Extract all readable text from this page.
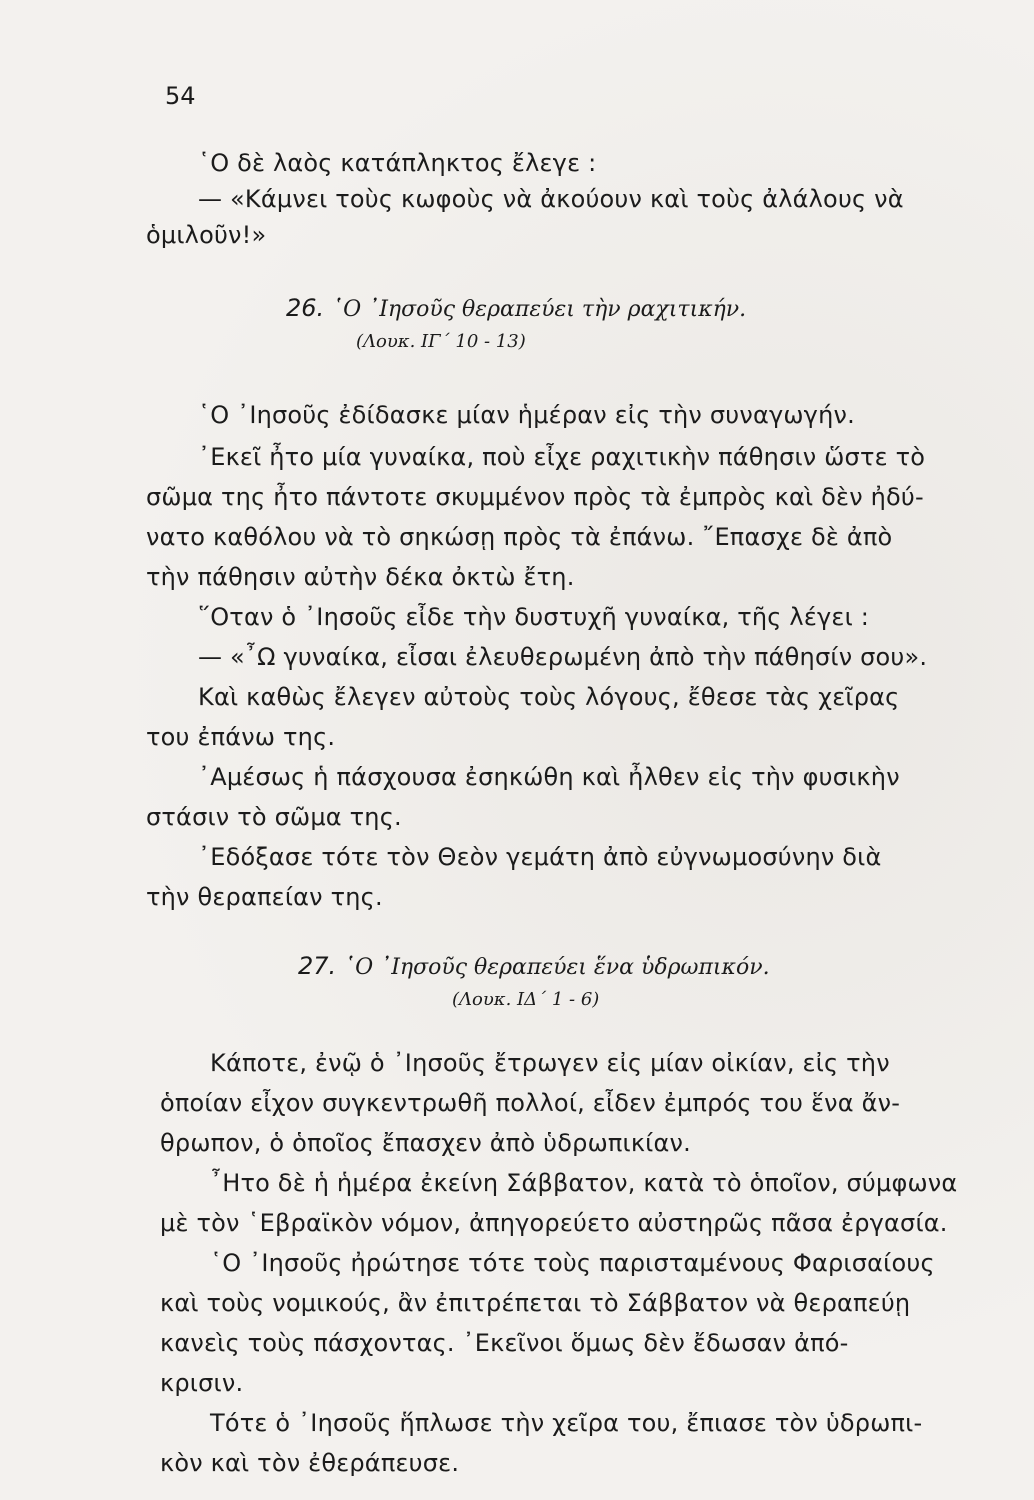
54
῾Ο δὲ λαὸς κατάπληκτος ἔλεγε :
— «Κάμνει τοὺς κωφοὺς νὰ ἀκούουν καὶ τοὺς ἀλάλους νὰ
ὁμιλοῦν!»
26. ῾Ο ᾿Ιησοῦς θεραπεύει τὴν ραχιτικήν.
(Λουκ. ΙΓ΄ 10 - 13)
῾Ο ᾿Ιησοῦς ἐδίδασκε μίαν ἡμέραν εἰς τὴν συναγωγήν.
᾿Εκεῖ ἦτο μία γυναίκα, ποὺ εἶχε ραχιτικὴν πάθησιν ὥστε τὸ
σῶμα της ἦτο πάντοτε σκυμμένον πρὸς τὰ ἐμπρὸς καὶ δὲν ἠδύ-
νατο καθόλου νὰ τὸ σηκώσῃ πρὸς τὰ ἐπάνω. ῎Επασχε δὲ ἀπὸ
τὴν πάθησιν αὐτὴν δέκα ὀκτὼ ἔτη.
῞Οταν ὁ ᾿Ιησοῦς εἶδε τὴν δυστυχῆ γυναίκα, τῆς λέγει :
— «῏Ω γυναίκα, εἶσαι ἐλευθερωμένη ἀπὸ τὴν πάθησίν σου».
Καὶ καθὼς ἔλεγεν αὐτοὺς τοὺς λόγους, ἔθεσε τὰς χεῖρας
του ἐπάνω της.
᾿Αμέσως ἡ πάσχουσα ἐσηκώθη καὶ ἦλθεν εἰς τὴν φυσικὴν
στάσιν τὸ σῶμα της.
᾿Εδόξασε τότε τὸν Θεὸν γεμάτη ἀπὸ εὐγνωμοσύνην διὰ
τὴν θεραπείαν της.
27. ῾Ο ᾿Ιησοῦς θεραπεύει ἕνα ὑδρωπικόν.
(Λουκ. ΙΔ΄ 1 - 6)
Κάποτε, ἐνῷ ὁ ᾿Ιησοῦς ἔτρωγεν εἰς μίαν οἰκίαν, εἰς τὴν
ὁποίαν εἶχον συγκεντρωθῆ πολλοί, εἶδεν ἐμπρός του ἕνα ἄν-
θρωπον, ὁ ὁποῖος ἔπασχεν ἀπὸ ὑδρωπικίαν.
῏Ητο δὲ ἡ ἡμέρα ἐκείνη Σάββατον, κατὰ τὸ ὁποῖον, σύμφωνα
μὲ τὸν ῾Εβραϊκὸν νόμον, ἀπηγορεύετο αὐστηρῶς πᾶσα ἐργασία.
῾Ο ᾿Ιησοῦς ἠρώτησε τότε τοὺς παρισταμένους Φαρισαίους
καὶ τοὺς νομικούς, ἂν ἐπιτρέπεται τὸ Σάββατον νὰ θεραπεύῃ
κανεὶς τοὺς πάσχοντας. ᾿Εκεῖνοι ὅμως δὲν ἔδωσαν ἀπό-
κρισιν.
Τότε ὁ ᾿Ιησοῦς ἥπλωσε τὴν χεῖρα του, ἔπιασε τὸν ὑδρωπι-
κὸν καὶ τὸν ἐθεράπευσε.
